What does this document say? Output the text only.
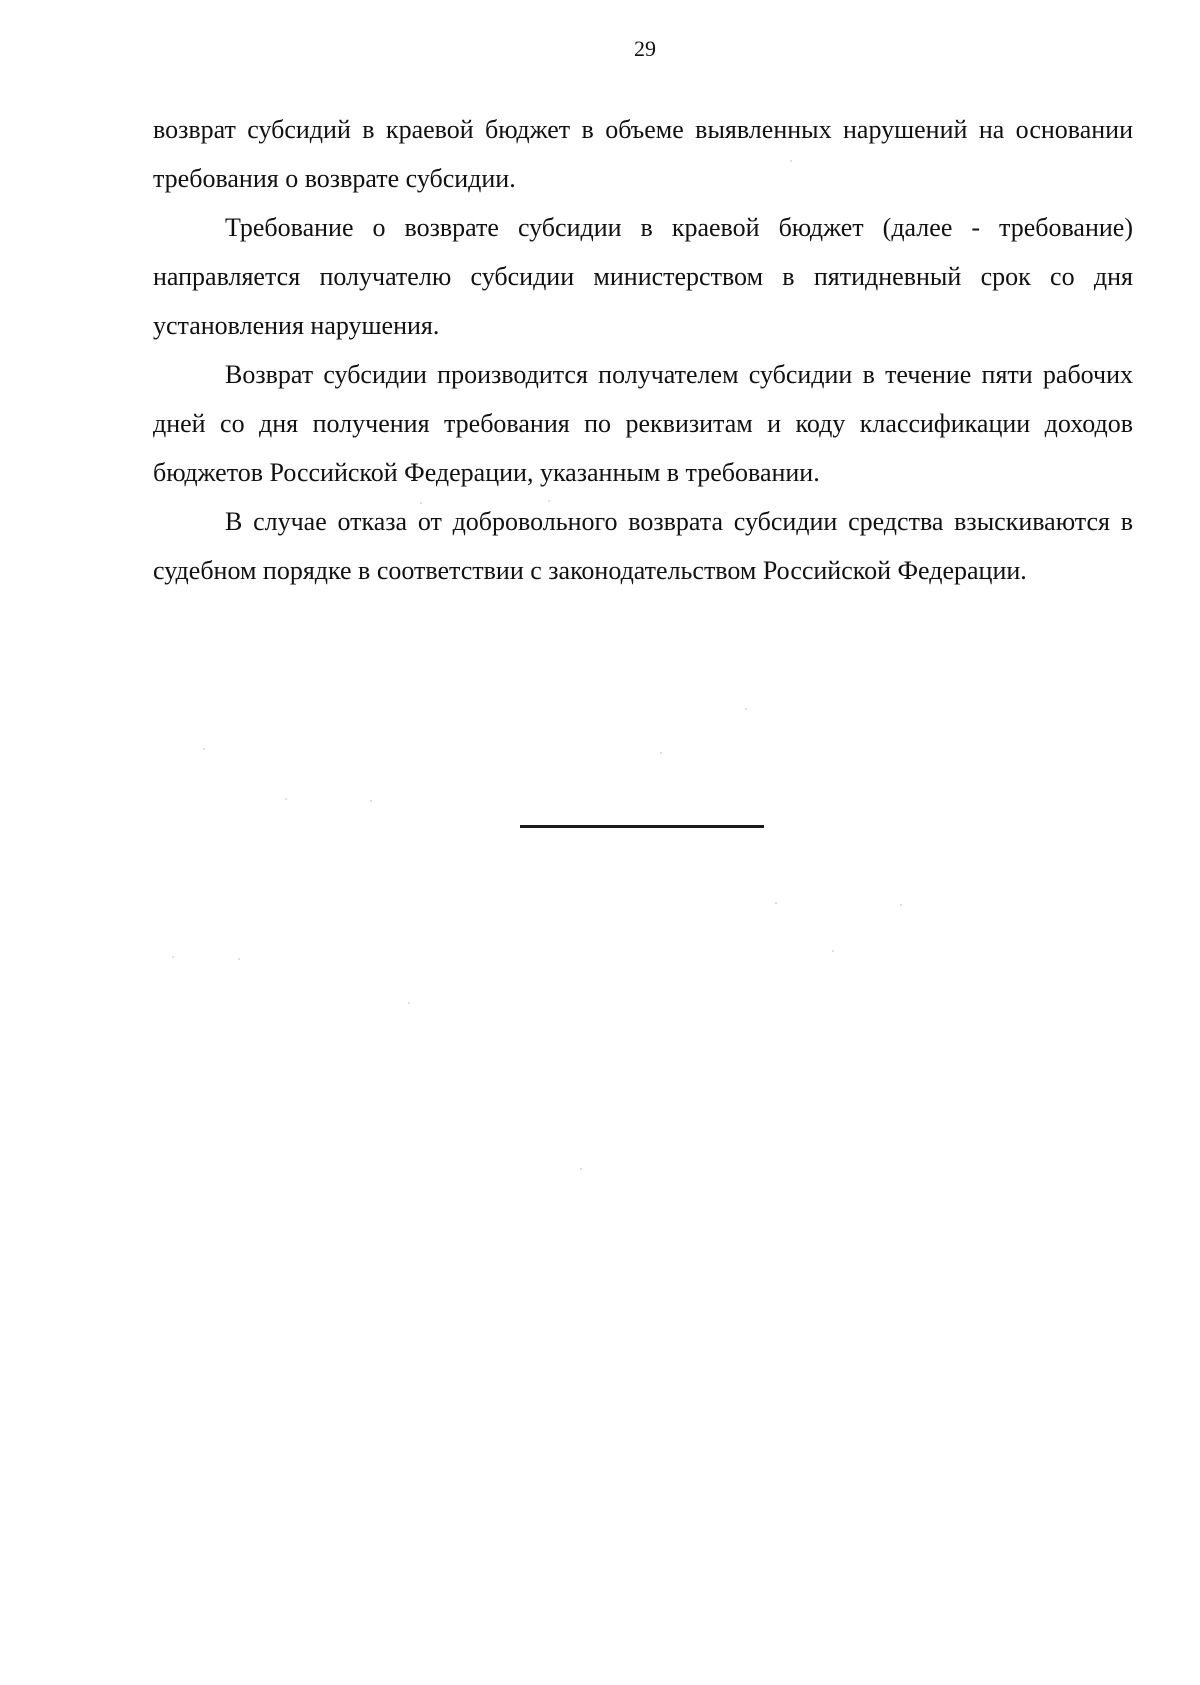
29

возврат субсидий в краевой бюджет в объеме выявленных нарушений на основании требования о возврате субсидии.

Требование о возврате субсидии в краевой бюджет (далее - требование) направляется получателю субсидии министерством в пятидневный срок со дня установления нарушения.

Возврат субсидии производится получателем субсидии в течение пяти рабочих дней со дня получения требования по реквизитам и коду классификации доходов бюджетов Российской Федерации, указанным в требовании.

В случае отказа от добровольного возврата субсидии средства взыскиваются в судебном порядке в соответствии с законодательством Российской Федерации.
